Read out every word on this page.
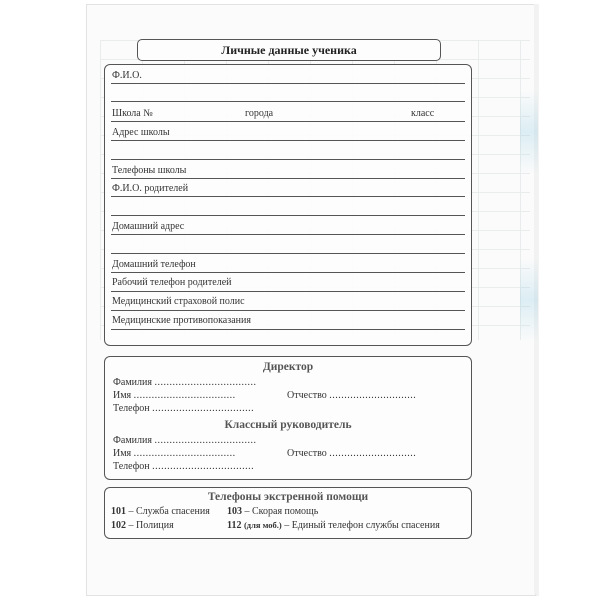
Личные данные ученика
Ф.И.О.
Школа №	города	класс
Адрес школы
Телефоны школы
Ф.И.О. родителей
Домашний адрес
Домашний телефон
Рабочий телефон родителей
Медицинский страховой полис
Медицинские противопоказания
Директор
Фамилия ..................................
Имя ..................................	Отчество .............................
Телефон ..................................
Классный руководитель
Фамилия ..................................
Имя ..................................	Отчество .............................
Телефон ..................................
Телефоны экстренной помощи
101 – Служба спасения 103 – Скорая помощь
102 – Полиция	112 (для моб.) – Единый телефон службы спасения
